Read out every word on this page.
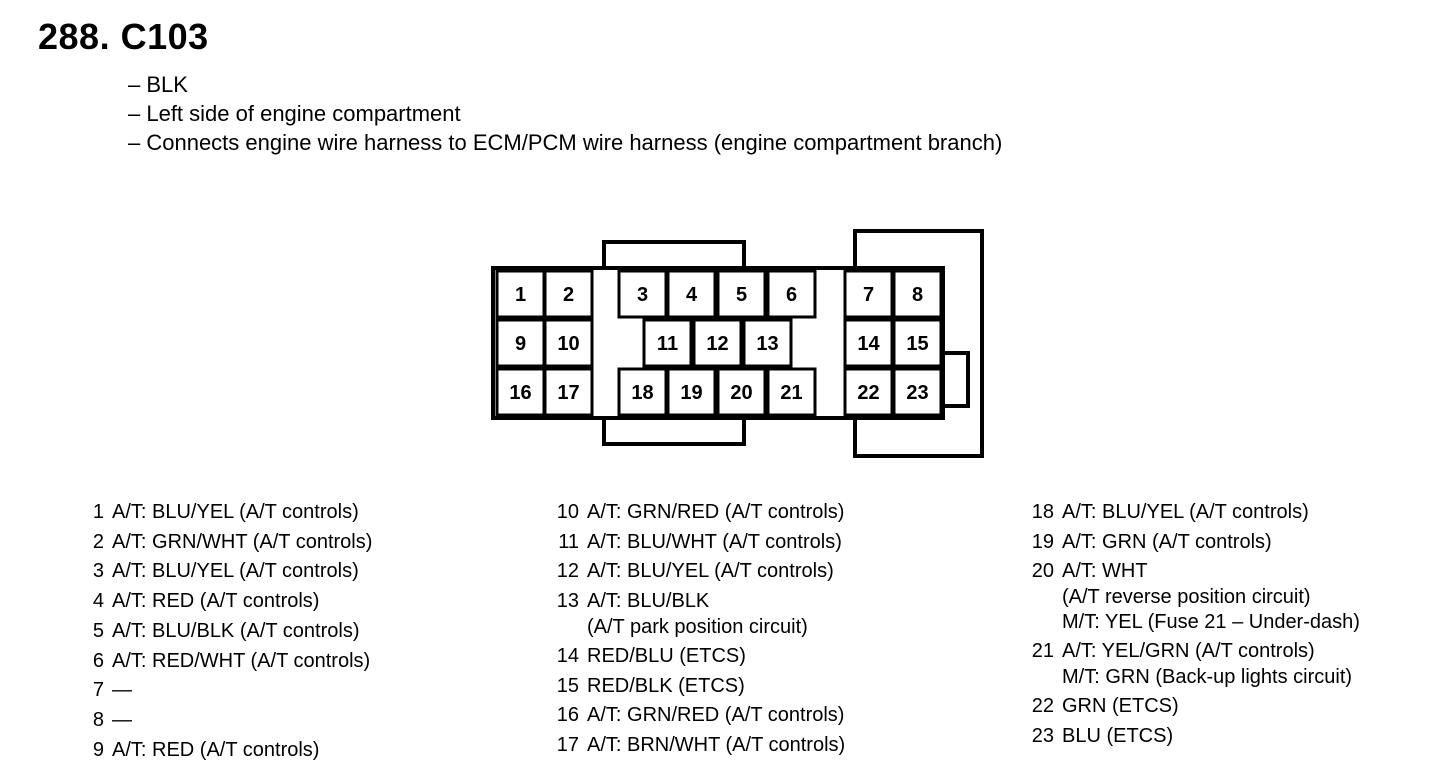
288. C103
– BLK
– Left side of engine compartment
– Connects engine wire harness to ECM/PCM wire harness (engine compartment branch)
1 2	3 4 5 6	7 8
9 10	11 12 13	14 15
16 17	18 19 20 21	22 23
1 A/T: BLU/YEL (A/T controls)
2 A/T: GRN/WHT (A/T controls)
3 A/T: BLU/YEL (A/T controls)
4 A/T: RED (A/T controls)
5 A/T: BLU/BLK (A/T controls)
6 A/T: RED/WHT (A/T controls)
7 —
8 —
9 A/T: RED (A/T controls)
10 A/T: GRN/RED (A/T controls)
11 A/T: BLU/WHT (A/T controls)
12 A/T: BLU/YEL (A/T controls)
13 A/T: BLU/BLK
(A/T park position circuit)
14 RED/BLU (ETCS)
15 RED/BLK (ETCS)
16 A/T: GRN/RED (A/T controls)
17 A/T: BRN/WHT (A/T controls)
18 A/T: BLU/YEL (A/T controls)
19 A/T: GRN (A/T controls)
20 A/T: WHT
(A/T reverse position circuit)
M/T: YEL (Fuse 21 – Under-dash)
21 A/T: YEL/GRN (A/T controls)
M/T: GRN (Back-up lights circuit)
22 GRN (ETCS)
23 BLU (ETCS)
